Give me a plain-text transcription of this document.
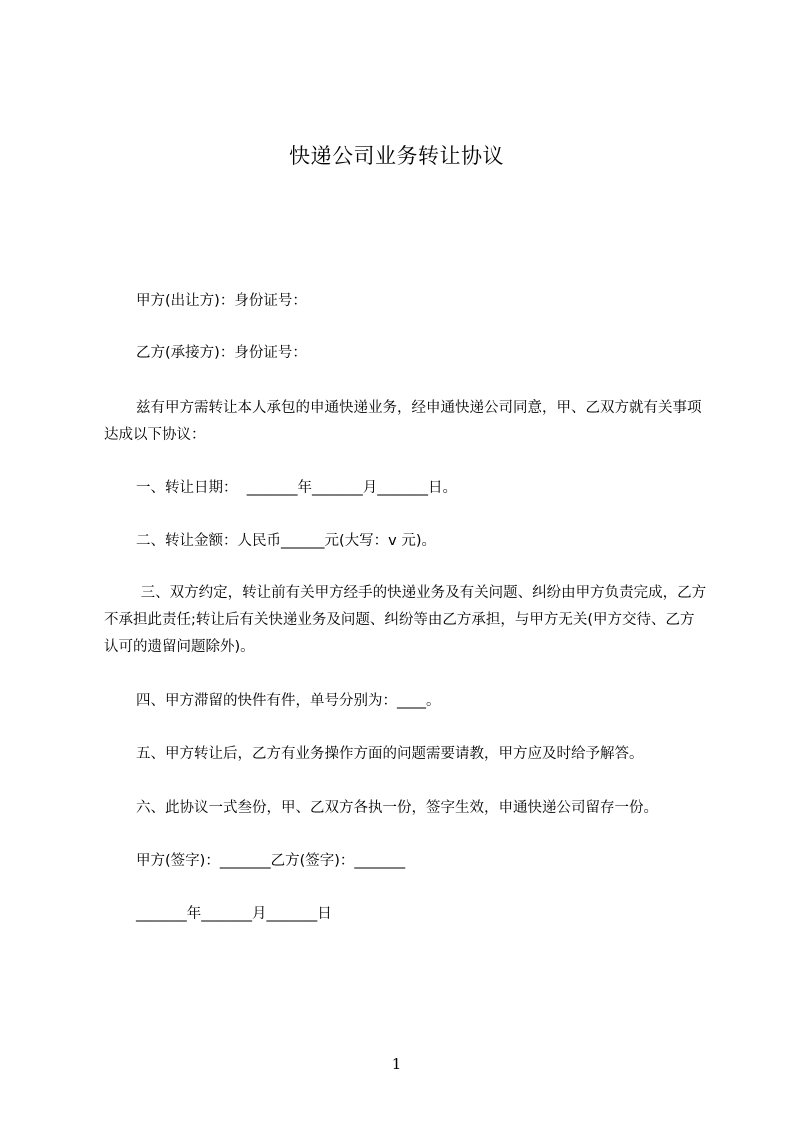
快递公司业务转让协议

甲方(出让方)：身份证号：

乙方(承接方)：身份证号：

兹有甲方需转让本人承包的申通快递业务，经申通快递公司同意，甲、乙双方就有关事项达成以下协议：

一、转让日期：  _______年_______月_______日。

二、转让金额：人民币______元(大写：v 元)。

三、双方约定，转让前有关甲方经手的快递业务及有关问题、纠纷由甲方负责完成，乙方不承担此责任;转让后有关快递业务及问题、纠纷等由乙方承担，与甲方无关(甲方交待、乙方认可的遗留问题除外)。

四、甲方滞留的快件有件，单号分别为：____。

五、甲方转让后，乙方有业务操作方面的问题需要请教，甲方应及时给予解答。

六、此协议一式叁份，甲、乙双方各执一份，签字生效，申通快递公司留存一份。

甲方(签字)：_______乙方(签字)：_______

_______年_______月_______日

1
